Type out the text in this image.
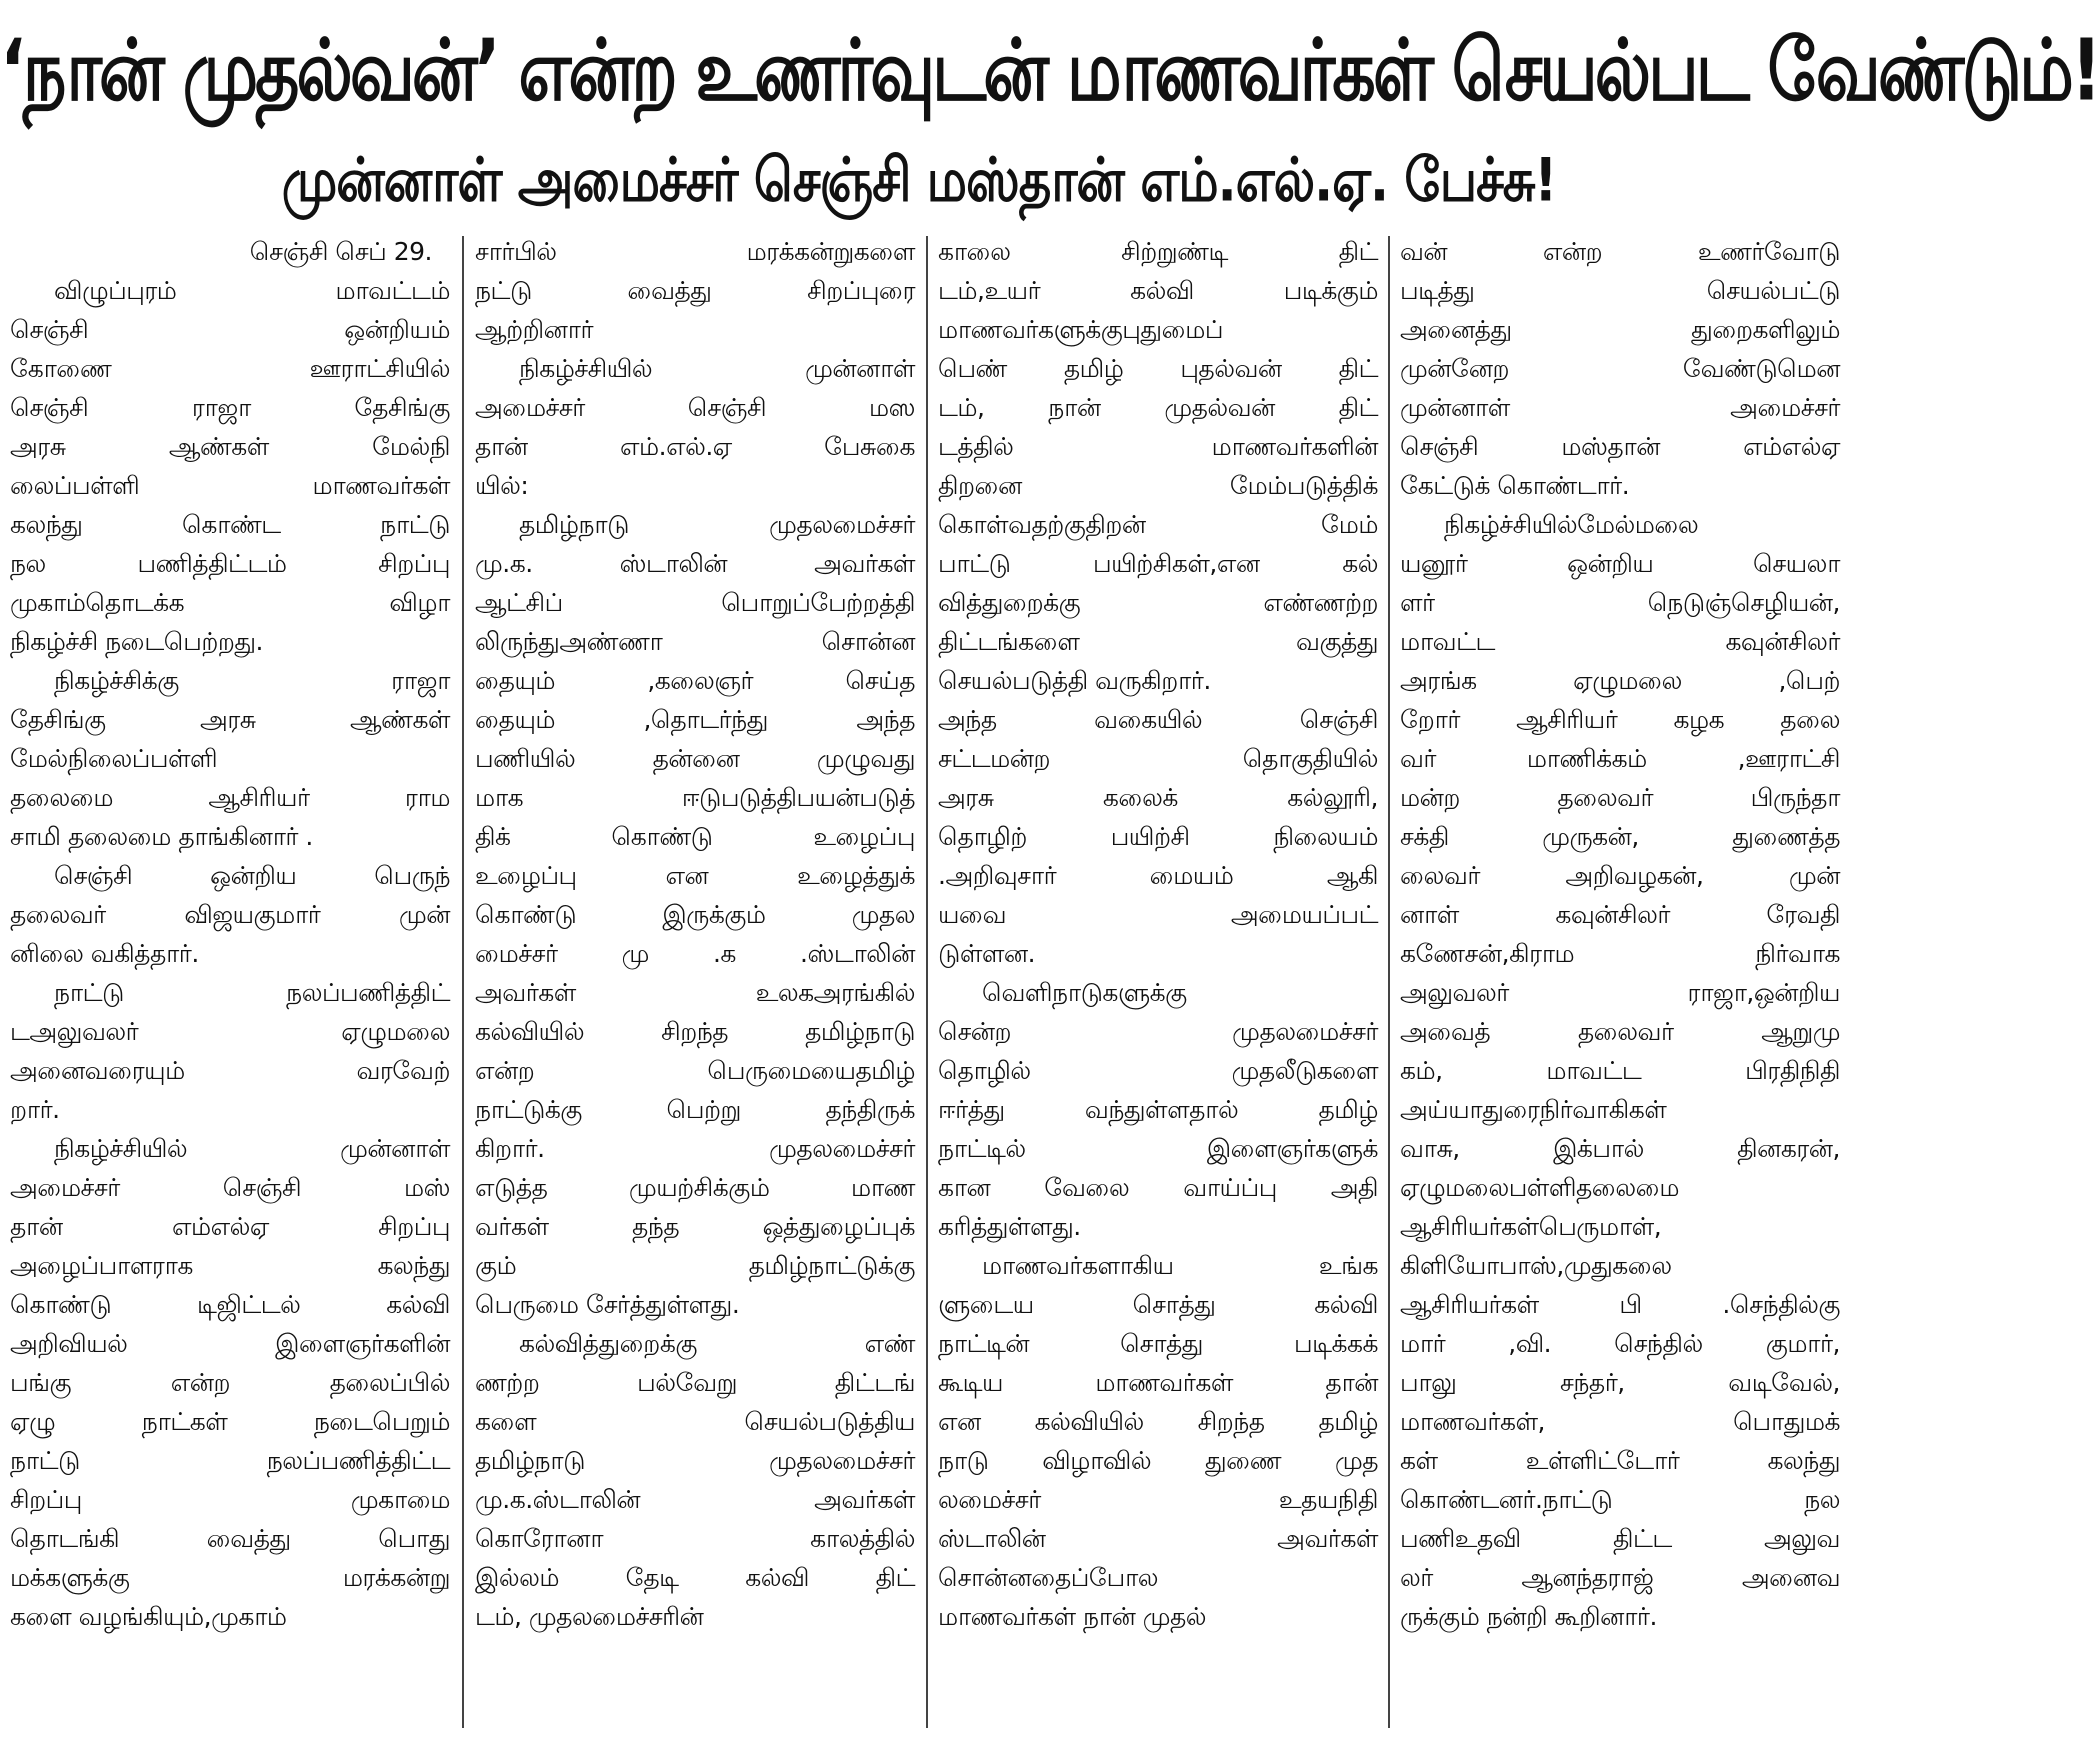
‘நான் முதல்வன்’ என்ற உணர்வுடன் மாணவர்கள் செயல்பட வேண்டும்!
முன்னாள் அமைச்சர் செஞ்சி மஸ்தான் எம்.எல்.ஏ. பேச்சு!
செஞ்சி செப் 29.
விழுப்புரம் மாவட்டம்
செஞ்சி ஒன்றியம்
கோணை ஊராட்சியில்
செஞ்சி ராஜா தேசிங்கு
அரசு ஆண்கள் மேல்நி
லைப்பள்ளி மாணவர்கள்
கலந்து கொண்ட நாட்டு
நல பணித்திட்டம் சிறப்பு
முகாம்தொடக்க விழா
நிகழ்ச்சி நடைபெற்றது.
நிகழ்ச்சிக்கு ராஜா
தேசிங்கு அரசு ஆண்கள்
மேல்நிலைப்பள்ளி
தலைமை ஆசிரியர் ராம
சாமி தலைமை தாங்கினார் .
செஞ்சி ஒன்றிய பெருந்
தலைவர் விஜயகுமார் முன்
னிலை வகித்தார்.
நாட்டு நலப்பணித்திட்
டஅலுவலர் ஏழுமலை
அனைவரையும் வரவேற்
றார்.
நிகழ்ச்சியில் முன்னாள்
அமைச்சர் செஞ்சி மஸ்
தான் எம்எல்ஏ சிறப்பு
அழைப்பாளராக கலந்து
கொண்டு டிஜிட்டல் கல்வி
அறிவியல் இளைஞர்களின்
பங்கு என்ற தலைப்பில்
ஏழு நாட்கள் நடைபெறும்
நாட்டு நலப்பணித்திட்ட
சிறப்பு முகாமை
தொடங்கி வைத்து பொது
மக்களுக்கு மரக்கன்று
களை வழங்கியும்,முகாம்
சார்பில் மரக்கன்றுகளை
நட்டு வைத்து சிறப்புரை
ஆற்றினார்
நிகழ்ச்சியில் முன்னாள்
அமைச்சர் செஞ்சி மஸ
தான் எம்.எல்.ஏ பேசுகை
யில்:
தமிழ்நாடு முதலமைச்சர்
மு.க. ஸ்டாலின் அவர்கள்
ஆட்சிப் பொறுப்பேற்றத்தி
லிருந்துஅண்ணா சொன்ன
தையும் ,கலைஞர் செய்த
தையும் ,தொடர்ந்து அந்த
பணியில் தன்னை முழுவது
மாக ஈடுபடுத்திபயன்படுத்
திக் கொண்டு உழைப்பு
உழைப்பு என உழைத்துக்
கொண்டு இருக்கும் முதல
மைச்சர் மு .க .ஸ்டாலின்
அவர்கள் உலகஅரங்கில்
கல்வியில் சிறந்த தமிழ்நாடு
என்ற பெருமையைதமிழ்
நாட்டுக்கு பெற்று தந்திருக்
கிறார். முதலமைச்சர்
எடுத்த முயற்சிக்கும் மாண
வர்கள் தந்த ஒத்துழைப்புக்
கும் தமிழ்நாட்டுக்கு
பெருமை சேர்த்துள்ளது.
கல்வித்துறைக்கு எண்
ணற்ற பல்வேறு திட்டங்
களை செயல்படுத்திய
தமிழ்நாடு முதலமைச்சர்
மு.க.ஸ்டாலின் அவர்கள்
கொரோனா காலத்தில்
இல்லம் தேடி கல்வி திட்
டம், முதலமைச்சரின்
காலை சிற்றுண்டி திட்
டம்,உயர் கல்வி படிக்கும்
மாணவர்களுக்குபுதுமைப்
பெண் தமிழ் புதல்வன் திட்
டம், நான் முதல்வன் திட்
டத்தில் மாணவர்களின்
திறனை மேம்படுத்திக்
கொள்வதற்குதிறன் மேம்
பாட்டு பயிற்சிகள்,என கல்
வித்துறைக்கு எண்ணற்ற
திட்டங்களை வகுத்து
செயல்படுத்தி வருகிறார்.
அந்த வகையில் செஞ்சி
சட்டமன்ற தொகுதியில்
அரசு கலைக் கல்லூரி,
தொழிற் பயிற்சி நிலையம்
.அறிவுசார் மையம் ஆகி
யவை அமையப்பட்
டுள்ளன.
வெளிநாடுகளுக்கு
சென்ற முதலமைச்சர்
தொழில் முதலீடுகளை
ஈர்த்து வந்துள்ளதால் தமிழ்
நாட்டில் இளைஞர்களுக்
கான வேலை வாய்ப்பு அதி
கரித்துள்ளது.
மாணவர்களாகிய உங்க
ளுடைய சொத்து கல்வி
நாட்டின் சொத்து படிக்கக்
கூடிய மாணவர்கள் தான்
என கல்வியில் சிறந்த தமிழ்
நாடு விழாவில் துணை முத
லமைச்சர் உதயநிதி
ஸ்டாலின் அவர்கள்
சொன்னதைப்போல
மாணவர்கள் நான் முதல்
வன் என்ற உணர்வோடு
படித்து செயல்பட்டு
அனைத்து துறைகளிலும்
முன்னேற வேண்டுமென
முன்னாள் அமைச்சர்
செஞ்சி மஸ்தான் எம்எல்ஏ
கேட்டுக் கொண்டார்.
நிகழ்ச்சியில்மேல்மலை
யனூர் ஒன்றிய செயலா
ளர் நெடுஞ்செழியன்,
மாவட்ட கவுன்சிலர்
அரங்க ஏழுமலை ,பெற்
றோர் ஆசிரியர் கழக தலை
வர் மாணிக்கம் ,ஊராட்சி
மன்ற தலைவர் பிருந்தா
சக்தி முருகன், துணைத்த
லைவர் அறிவழகன், முன்
னாள் கவுன்சிலர் ரேவதி
கணேசன்,கிராம நிர்வாக
அலுவலர் ராஜா,ஒன்றிய
அவைத் தலைவர் ஆறுமு
கம், மாவட்ட பிரதிநிதி
அய்யாதுரைநிர்வாகிகள்
வாசு, இக்பால் தினகரன்,
ஏழுமலைபள்ளிதலைமை
ஆசிரியர்கள்பெருமாள்,
கிளியோபாஸ்,முதுகலை
ஆசிரியர்கள் பி .செந்தில்கு
மார் ,வி. செந்தில் குமார்,
பாலு சந்தர், வடிவேல்,
மாணவர்கள், பொதுமக்
கள் உள்ளிட்டோர் கலந்து
கொண்டனர்.நாட்டு நல
பணிஉதவி திட்ட அலுவ
லர் ஆனந்தராஜ் அனைவ
ருக்கும் நன்றி கூறினார்.
